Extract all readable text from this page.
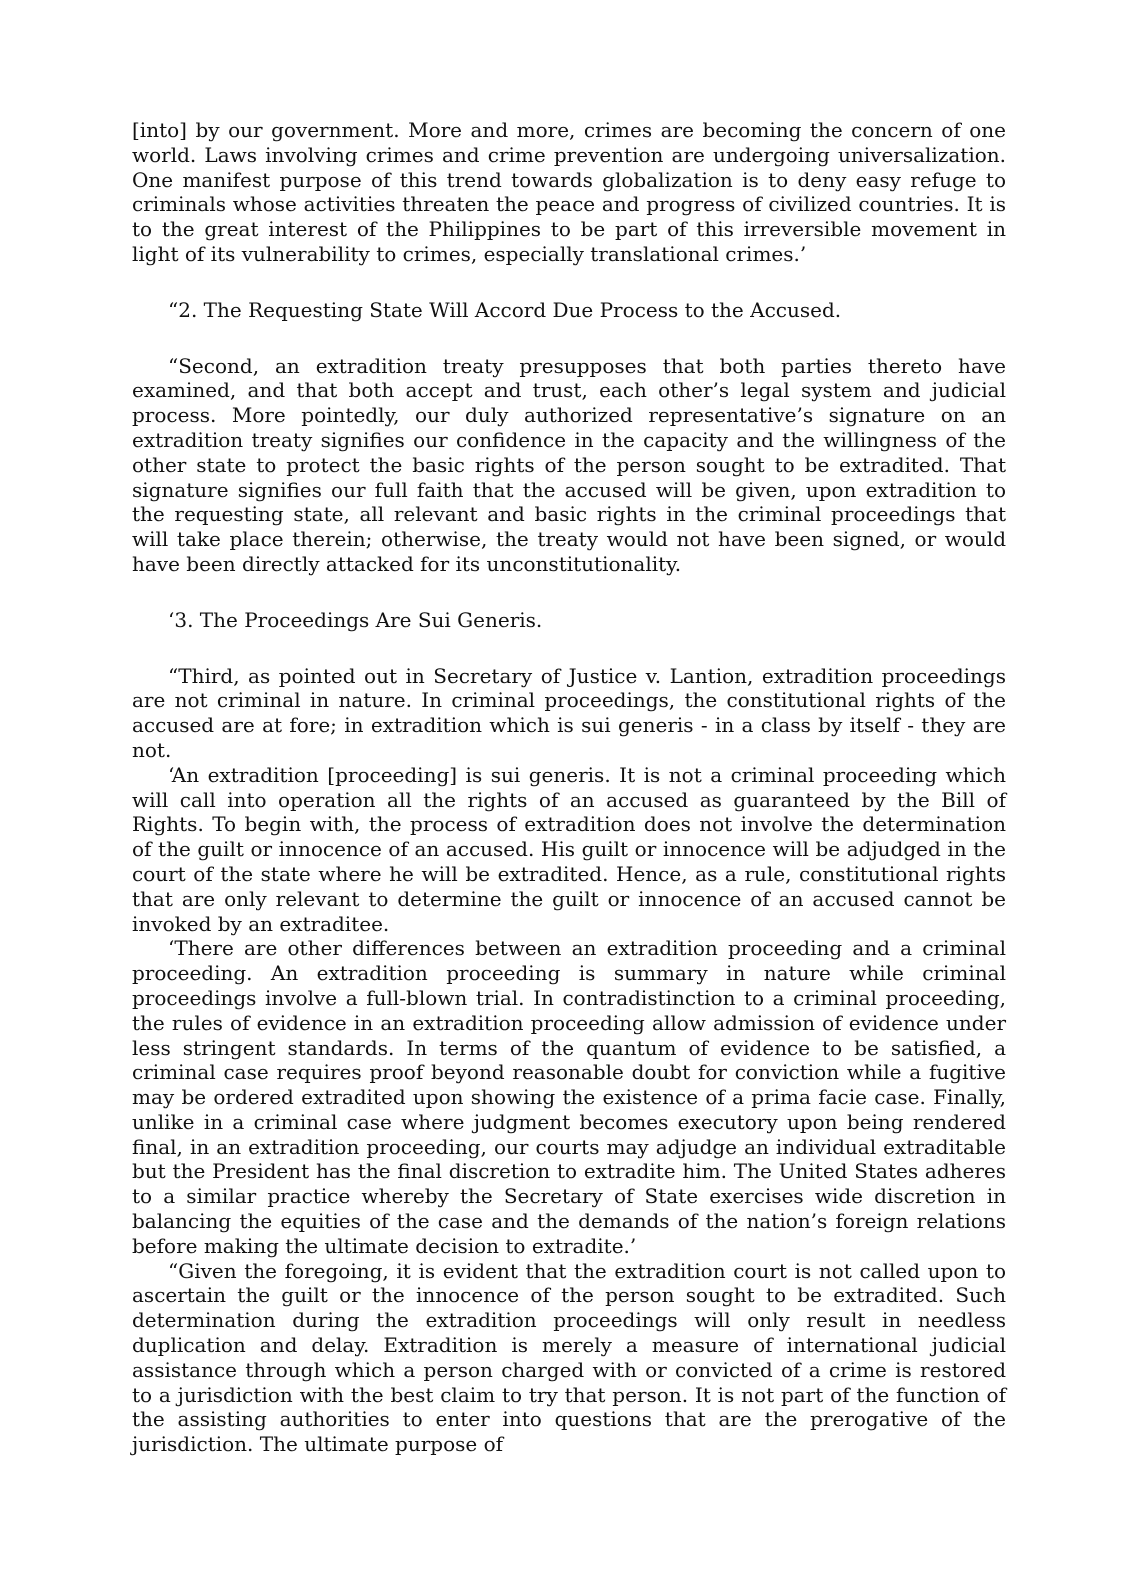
[into] by our government. More and more, crimes are becoming the concern of one world. Laws involving crimes and crime prevention are undergoing universalization. One manifest purpose of this trend towards globalization is to deny easy refuge to criminals whose activities threaten the peace and progress of civilized countries. It is to the great interest of the Philippines to be part of this irreversible movement in light of its vulnerability to crimes, especially translational crimes.’

“2. The Requesting State Will Accord Due Process to the Accused.

“Second, an extradition treaty presupposes that both parties thereto have examined, and that both accept and trust, each other’s legal system and judicial process. More pointedly, our duly authorized representative’s signature on an extradition treaty signifies our confidence in the capacity and the willingness of the other state to protect the basic rights of the person sought to be extradited. That signature signifies our full faith that the accused will be given, upon extradition to the requesting state, all relevant and basic rights in the criminal proceedings that will take place therein; otherwise, the treaty would not have been signed, or would have been directly attacked for its unconstitutionality.

‘3. The Proceedings Are Sui Generis.

“Third, as pointed out in Secretary of Justice v. Lantion, extradition proceedings are not criminal in nature. In criminal proceedings, the constitutional rights of the accused are at fore; in extradition which is sui generis - in a class by itself - they are not.

‘An extradition [proceeding] is sui generis. It is not a criminal proceeding which will call into operation all the rights of an accused as guaranteed by the Bill of Rights. To begin with, the process of extradition does not involve the determination of the guilt or innocence of an accused. His guilt or innocence will be adjudged in the court of the state where he will be extradited. Hence, as a rule, constitutional rights that are only relevant to determine the guilt or innocence of an accused cannot be invoked by an extraditee.

‘There are other differences between an extradition proceeding and a criminal proceeding. An extradition proceeding is summary in nature while criminal proceedings involve a full-blown trial. In contradistinction to a criminal proceeding, the rules of evidence in an extradition proceeding allow admission of evidence under less stringent standards. In terms of the quantum of evidence to be satisfied, a criminal case requires proof beyond reasonable doubt for conviction while a fugitive may be ordered extradited upon showing the existence of a prima facie case. Finally, unlike in a criminal case where judgment becomes executory upon being rendered final, in an extradition proceeding, our courts may adjudge an individual extraditable but the President has the final discretion to extradite him. The United States adheres to a similar practice whereby the Secretary of State exercises wide discretion in balancing the equities of the case and the demands of the nation’s foreign relations before making the ultimate decision to extradite.’

“Given the foregoing, it is evident that the extradition court is not called upon to ascertain the guilt or the innocence of the person sought to be extradited. Such determination during the extradition proceedings will only result in needless duplication and delay. Extradition is merely a measure of international judicial assistance through which a person charged with or convicted of a crime is restored to a jurisdiction with the best claim to try that person. It is not part of the function of the assisting authorities to enter into questions that are the prerogative of the jurisdiction. The ultimate purpose of
